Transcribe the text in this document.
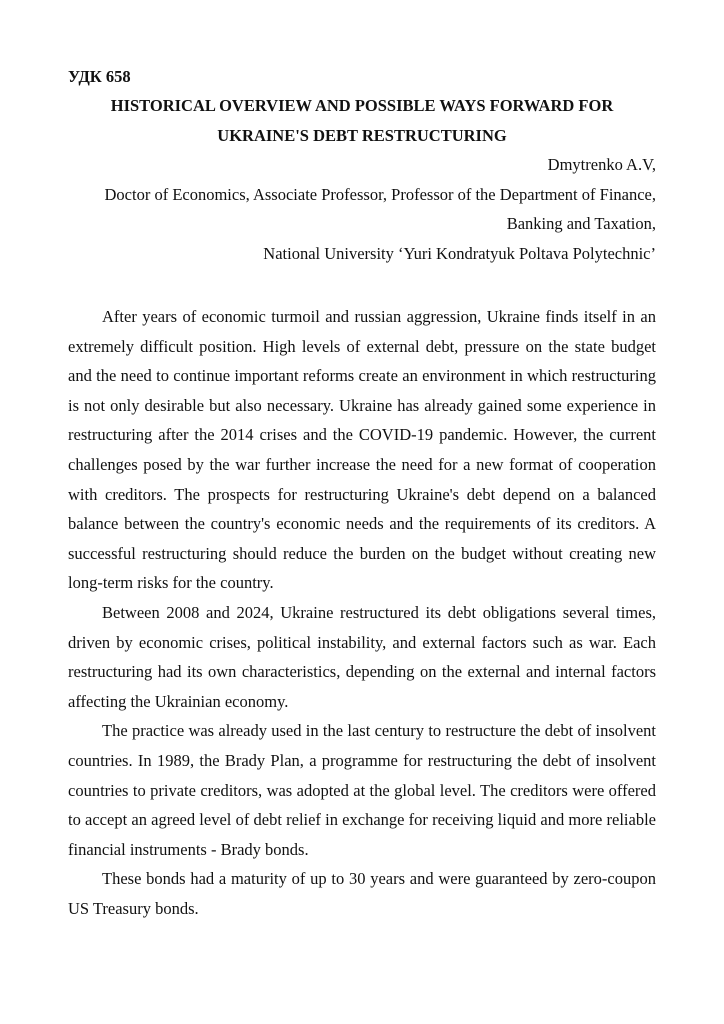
УДК 658
HISTORICAL OVERVIEW AND POSSIBLE WAYS FORWARD FOR
UKRAINE'S DEBT RESTRUCTURING
Dmytrenko A.V,
Doctor of Economics, Associate Professor, Professor of the Department of Finance,
Banking and Taxation,
National University ‘Yuri Kondratyuk Poltava Polytechnic’

After years of economic turmoil and russian aggression, Ukraine finds itself in an extremely difficult position. High levels of external debt, pressure on the state budget and the need to continue important reforms create an environment in which restructuring is not only desirable but also necessary. Ukraine has already gained some experience in restructuring after the 2014 crises and the COVID-19 pandemic. However, the current challenges posed by the war further increase the need for a new format of cooperation with creditors. The prospects for restructuring Ukraine's debt depend on a balanced balance between the country's economic needs and the requirements of its creditors. A successful restructuring should reduce the burden on the budget without creating new long-term risks for the country.

Between 2008 and 2024, Ukraine restructured its debt obligations several times, driven by economic crises, political instability, and external factors such as war. Each restructuring had its own characteristics, depending on the external and internal factors affecting the Ukrainian economy.

The practice was already used in the last century to restructure the debt of insolvent countries. In 1989, the Brady Plan, a programme for restructuring the debt of insolvent countries to private creditors, was adopted at the global level. The creditors were offered to accept an agreed level of debt relief in exchange for receiving liquid and more reliable financial instruments - Brady bonds.

These bonds had a maturity of up to 30 years and were guaranteed by zero-coupon US Treasury bonds.
